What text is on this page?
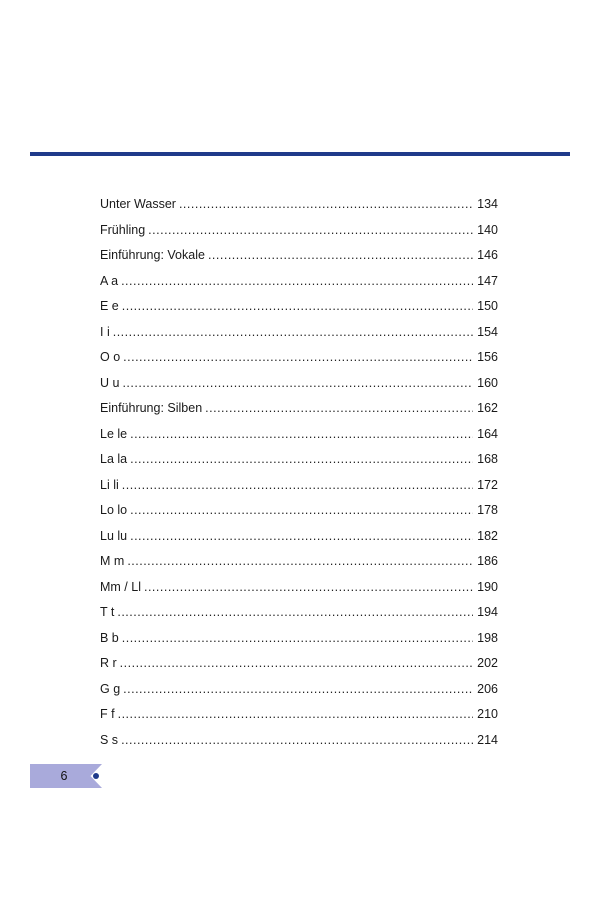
Unter Wasser .....	134
Frühling .....	140
Einführung: Vokale .....	146
A a .....	147
E e .....	150
I i .....	154
O o .....	156
U u .....	160
Einführung: Silben .....	162
Le le .....	164
La la .....	168
Li li .....	172
Lo lo .....	178
Lu lu .....	182
M m .....	186
Mm / Ll .....	190
T t .....	194
B b .....	198
R r .....	202
G g .....	206
F f .....	210
S s .....	214
6
